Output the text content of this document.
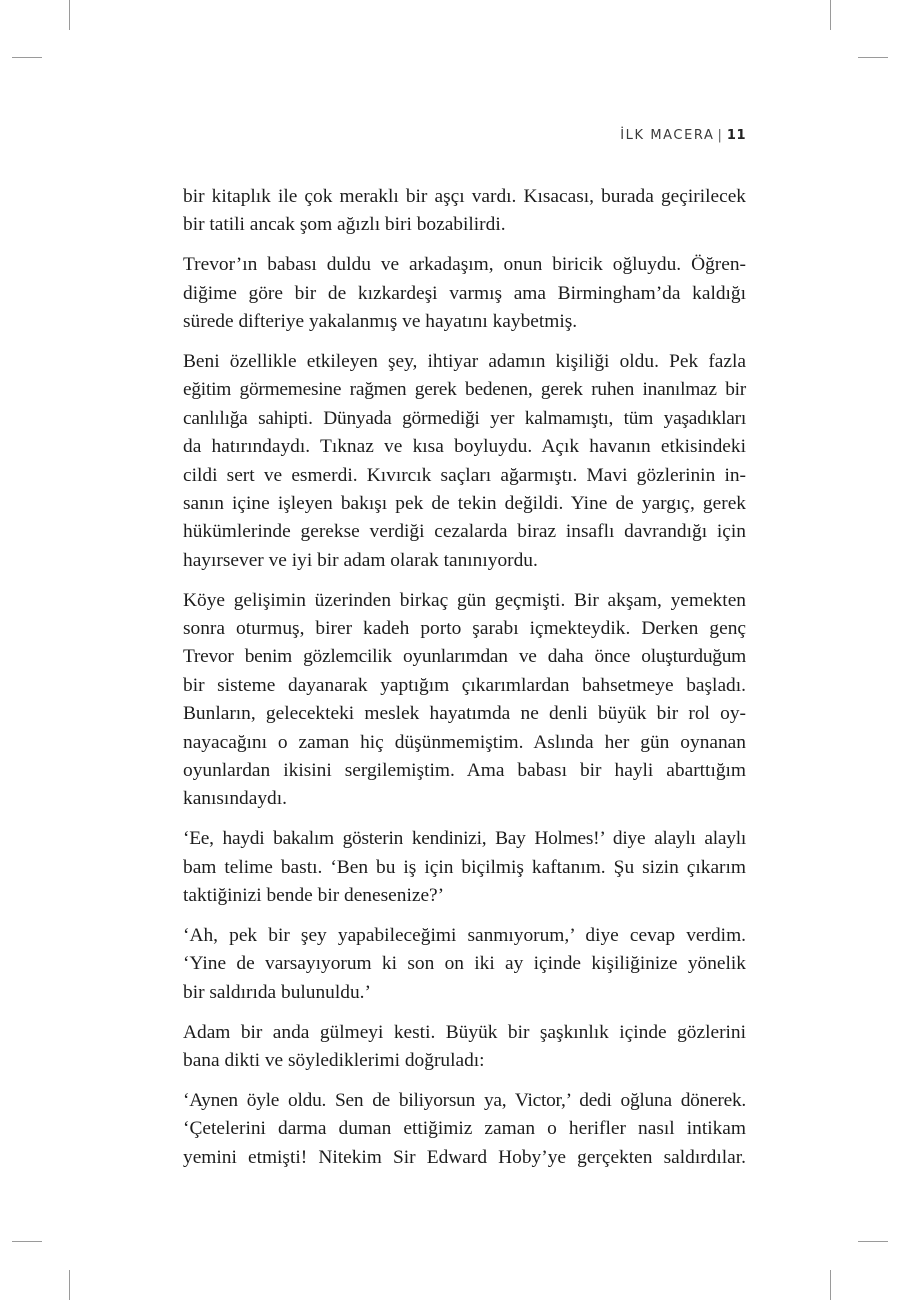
İLK MACERA | 11
bir kitaplık ile çok meraklı bir aşçı vardı. Kısacası, burada geçirilecek
bir tatili ancak şom ağızlı biri bozabilirdi.
Trevor’ın babası duldu ve arkadaşım, onun biricik oğluydu. Öğren-
diğime göre bir de kızkardeşi varmış ama Birmingham’da kaldığı
sürede difteriye yakalanmış ve hayatını kaybetmiş.
Beni özellikle etkileyen şey, ihtiyar adamın kişiliği oldu. Pek fazla
eğitim görmemesine rağmen gerek bedenen, gerek ruhen inanılmaz bir
canlılığa sahipti. Dünyada görmediği yer kalmamıştı, tüm yaşadıkları
da hatırındaydı. Tıknaz ve kısa boyluydu. Açık havanın etkisindeki
cildi sert ve esmerdi. Kıvırcık saçları ağarmıştı. Mavi gözlerinin in-
sanın içine işleyen bakışı pek de tekin değildi. Yine de yargıç, gerek
hükümlerinde gerekse verdiği cezalarda biraz insaflı davrandığı için
hayırsever ve iyi bir adam olarak tanınıyordu.
Köye gelişimin üzerinden birkaç gün geçmişti. Bir akşam, yemekten
sonra oturmuş, birer kadeh porto şarabı içmekteydik. Derken genç
Trevor benim gözlemcilik oyunlarımdan ve daha önce oluşturduğum
bir sisteme dayanarak yaptığım çıkarımlardan bahsetmeye başladı.
Bunların, gelecekteki meslek hayatımda ne denli büyük bir rol oy-
nayacağını o zaman hiç düşünmemiştim. Aslında her gün oynanan
oyunlardan ikisini sergilemiştim. Ama babası bir hayli abarttığım
kanısındaydı.
‘Ee, haydi bakalım gösterin kendinizi, Bay Holmes!’ diye alaylı alaylı
bam telime bastı. ‘Ben bu iş için biçilmiş kaftanım. Şu sizin çıkarım
taktiğinizi bende bir denesenize?’
‘Ah, pek bir şey yapabileceğimi sanmıyorum,’ diye cevap verdim.
‘Yine de varsayıyorum ki son on iki ay içinde kişiliğinize yönelik
bir saldırıda bulunuldu.’
Adam bir anda gülmeyi kesti. Büyük bir şaşkınlık içinde gözlerini
bana dikti ve söylediklerimi doğruladı:
‘Aynen öyle oldu. Sen de biliyorsun ya, Victor,’ dedi oğluna dönerek.
‘Çetelerini darma duman ettiğimiz zaman o herifler nasıl intikam
yemini etmişti! Nitekim Sir Edward Hoby’ye gerçekten saldırdılar.
